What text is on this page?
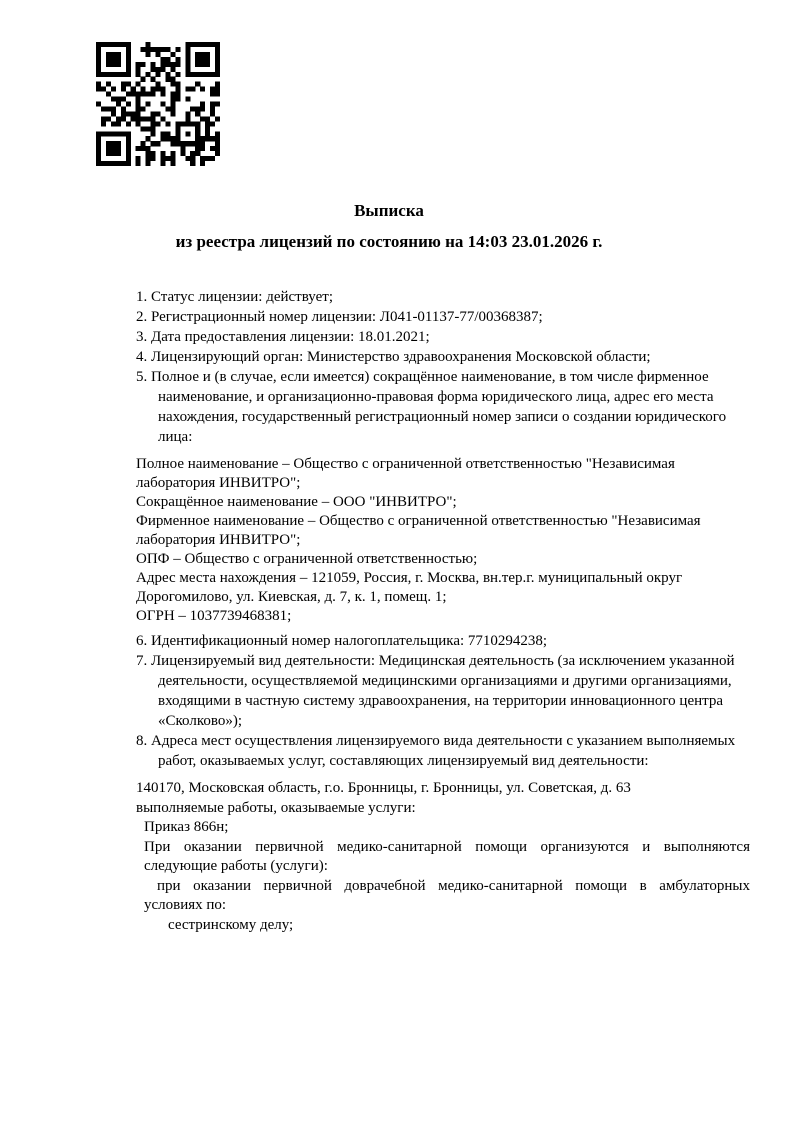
Выписка
из реестра лицензий по состоянию на 14:03 23.01.2026 г.

1. Статус лицензии: действует;

2. Регистрационный номер лицензии: Л041-01137-77/00368387;

3. Дата предоставления лицензии: 18.01.2021;

4. Лицензирующий орган: Министерство здравоохранения Московской области;

5. Полное и (в случае, если имеется) сокращённое наименование, в том числе фирменное наименование, и организационно-правовая форма юридического лица, адрес его места нахождения, государственный регистрационный номер записи о создании юридического лица:

Полное наименование – Общество с ограниченной ответственностью "Независимая лаборатория ИНВИТРО";

Сокращённое наименование – ООО "ИНВИТРО";

Фирменное наименование – Общество с ограниченной ответственностью "Независимая лаборатория ИНВИТРО";

ОПФ – Общество с ограниченной ответственностью;

Адрес места нахождения – 121059, Россия, г. Москва, вн.тер.г. муниципальный округ Дорогомилово, ул. Киевская, д. 7, к. 1, помещ. 1;

ОГРН – 1037739468381;

6. Идентификационный номер налогоплательщика: 7710294238;

7. Лицензируемый вид деятельности: Медицинская деятельность (за исключением указанной деятельности, осуществляемой медицинскими организациями и другими организациями, входящими в частную систему здравоохранения, на территории инновационного центра «Сколково»);

8. Адреса мест осуществления лицензируемого вида деятельности с указанием выполняемых работ, оказываемых услуг, составляющих лицензируемый вид деятельности:

140170, Московская область, г.о. Бронницы, г. Бронницы, ул. Советская, д. 63

выполняемые работы, оказываемые услуги:

Приказ 866н;

При оказании первичной медико-санитарной помощи организуются и выполняются следующие работы (услуги):

при оказании первичной доврачебной медико-санитарной помощи в амбулаторных условиях по:

сестринскому делу;
